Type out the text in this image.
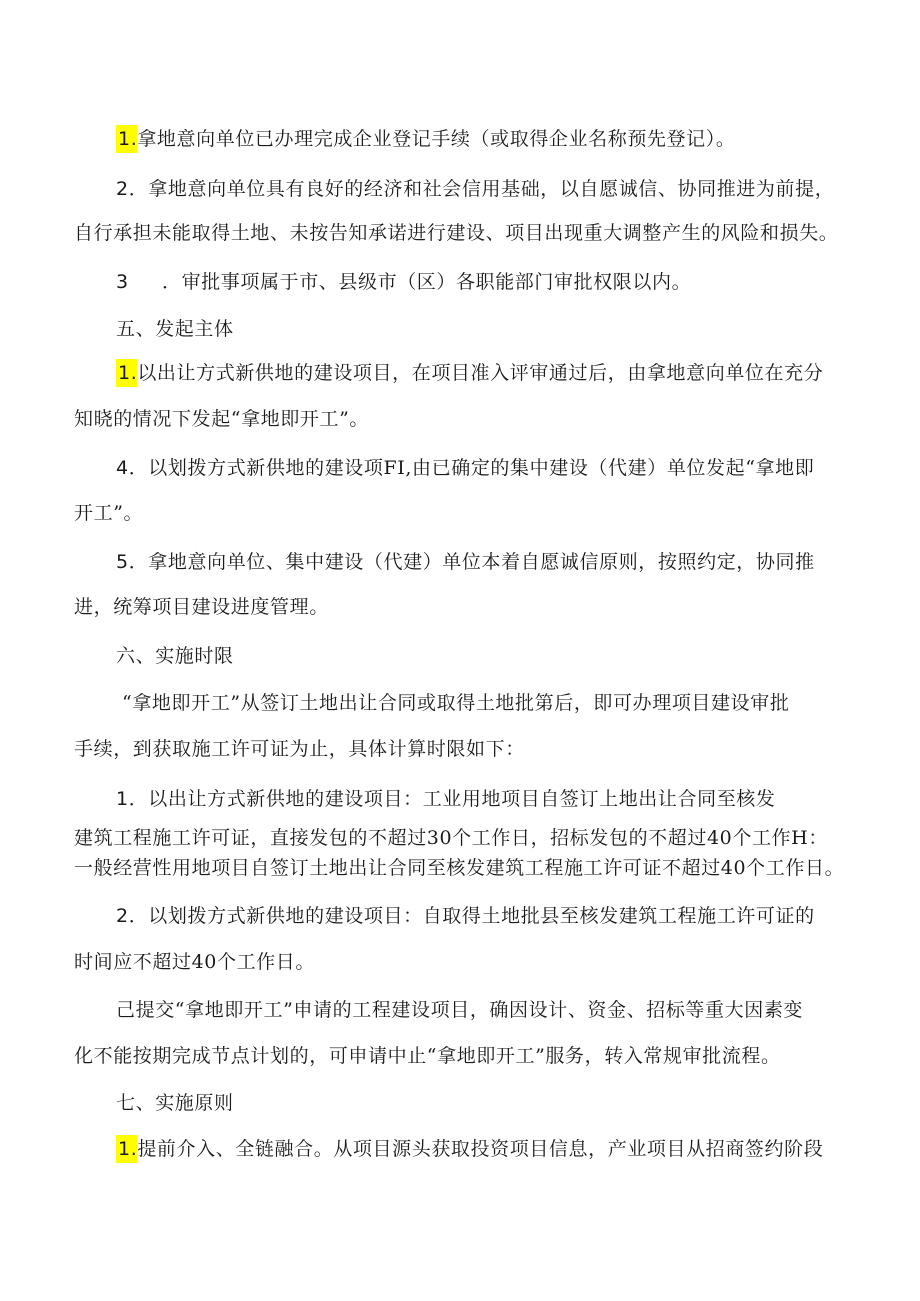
1.拿地意向单位已办理完成企业登记手续（或取得企业名称预先登记）。
2．拿地意向单位具有良好的经济和社会信用基础，以自愿诚信、协同推进为前提，
自行承担未能取得土地、未按告知承诺进行建设、项目出现重大调整产生的风险和损失。
3 ．审批事项属于市、县级市（区）各职能部门审批权限以内。
五、发起主体
1.以出让方式新供地的建设项目，在项目准入评审通过后，由拿地意向单位在充分
知晓的情况下发起“拿地即开工”。
4．以划拨方式新供地的建设项FI,由已确定的集中建设（代建）单位发起“拿地即
开工”。
5．拿地意向单位、集中建设（代建）单位本着自愿诚信原则，按照约定，协同推
进，统筹项目建设进度管理。
六、实施时限
“拿地即开工”从签订土地出让合同或取得土地批第后，即可办理项目建设审批
手续，到获取施工许可证为止，具体计算时限如下：
1．以出让方式新供地的建设项目：工业用地项目自签订上地出让合同至核发
建筑工程施工许可证，直接发包的不超过30个工作日，招标发包的不超过40个工作H：
一般经营性用地项目自签订土地出让合同至核发建筑工程施工许可证不超过40个工作日。
2．以划拨方式新供地的建设项目：自取得土地批县至核发建筑工程施工许可证的
时间应不超过40个工作日。
己提交“拿地即开工”申请的工程建设项目，确因设计、资金、招标等重大因素变
化不能按期完成节点计划的，可申请中止“拿地即开工”服务，转入常规审批流程。
七、实施原则
1.提前介入、全链融合。从项目源头获取投资项目信息，产业项目从招商签约阶段
